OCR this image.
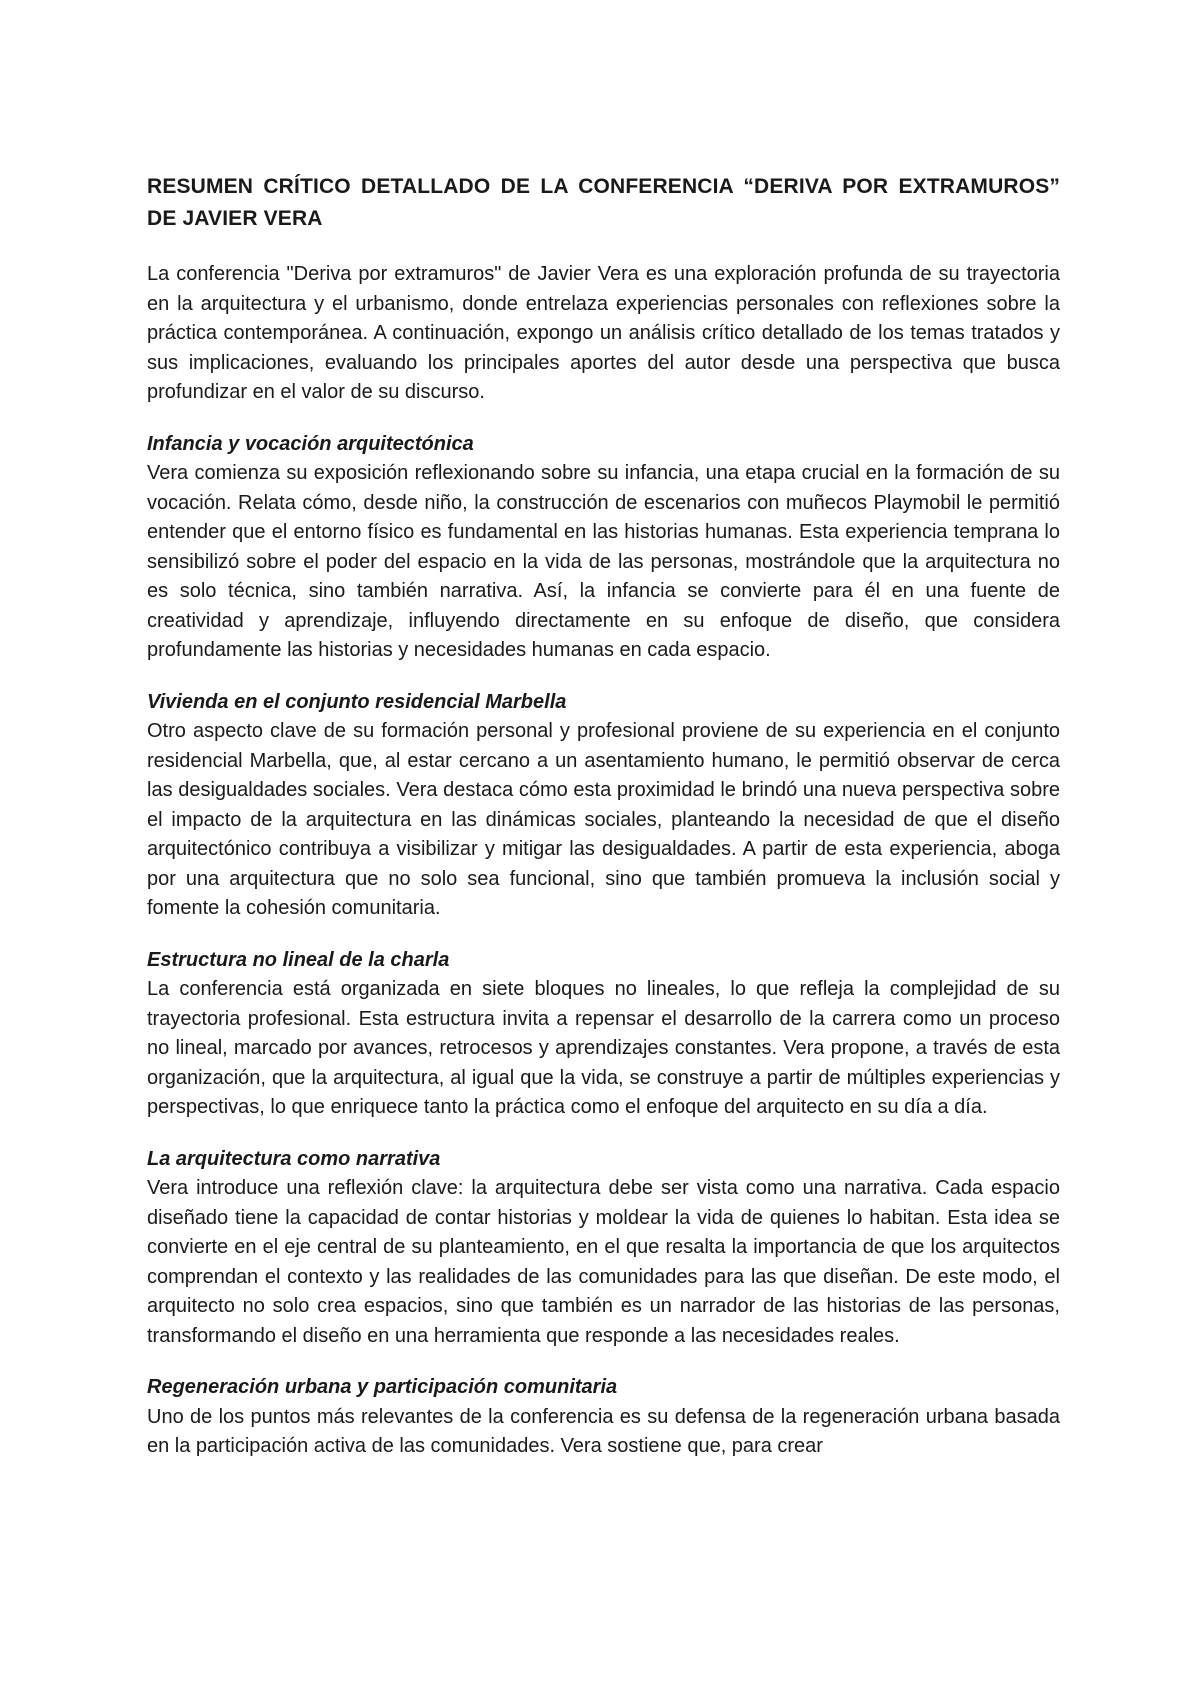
RESUMEN CRÍTICO DETALLADO DE LA CONFERENCIA “DERIVA POR EXTRAMUROS” DE JAVIER VERA

La conferencia "Deriva por extramuros" de Javier Vera es una exploración profunda de su trayectoria en la arquitectura y el urbanismo, donde entrelaza experiencias personales con reflexiones sobre la práctica contemporánea. A continuación, expongo un análisis crítico detallado de los temas tratados y sus implicaciones, evaluando los principales aportes del autor desde una perspectiva que busca profundizar en el valor de su discurso.

Infancia y vocación arquitectónica

Vera comienza su exposición reflexionando sobre su infancia, una etapa crucial en la formación de su vocación. Relata cómo, desde niño, la construcción de escenarios con muñecos Playmobil le permitió entender que el entorno físico es fundamental en las historias humanas. Esta experiencia temprana lo sensibilizó sobre el poder del espacio en la vida de las personas, mostrándole que la arquitectura no es solo técnica, sino también narrativa. Así, la infancia se convierte para él en una fuente de creatividad y aprendizaje, influyendo directamente en su enfoque de diseño, que considera profundamente las historias y necesidades humanas en cada espacio.

Vivienda en el conjunto residencial Marbella

Otro aspecto clave de su formación personal y profesional proviene de su experiencia en el conjunto residencial Marbella, que, al estar cercano a un asentamiento humano, le permitió observar de cerca las desigualdades sociales. Vera destaca cómo esta proximidad le brindó una nueva perspectiva sobre el impacto de la arquitectura en las dinámicas sociales, planteando la necesidad de que el diseño arquitectónico contribuya a visibilizar y mitigar las desigualdades. A partir de esta experiencia, aboga por una arquitectura que no solo sea funcional, sino que también promueva la inclusión social y fomente la cohesión comunitaria.

Estructura no lineal de la charla

La conferencia está organizada en siete bloques no lineales, lo que refleja la complejidad de su trayectoria profesional. Esta estructura invita a repensar el desarrollo de la carrera como un proceso no lineal, marcado por avances, retrocesos y aprendizajes constantes. Vera propone, a través de esta organización, que la arquitectura, al igual que la vida, se construye a partir de múltiples experiencias y perspectivas, lo que enriquece tanto la práctica como el enfoque del arquitecto en su día a día.

La arquitectura como narrativa

Vera introduce una reflexión clave: la arquitectura debe ser vista como una narrativa. Cada espacio diseñado tiene la capacidad de contar historias y moldear la vida de quienes lo habitan. Esta idea se convierte en el eje central de su planteamiento, en el que resalta la importancia de que los arquitectos comprendan el contexto y las realidades de las comunidades para las que diseñan. De este modo, el arquitecto no solo crea espacios, sino que también es un narrador de las historias de las personas, transformando el diseño en una herramienta que responde a las necesidades reales.

Regeneración urbana y participación comunitaria

Uno de los puntos más relevantes de la conferencia es su defensa de la regeneración urbana basada en la participación activa de las comunidades. Vera sostiene que, para crear
